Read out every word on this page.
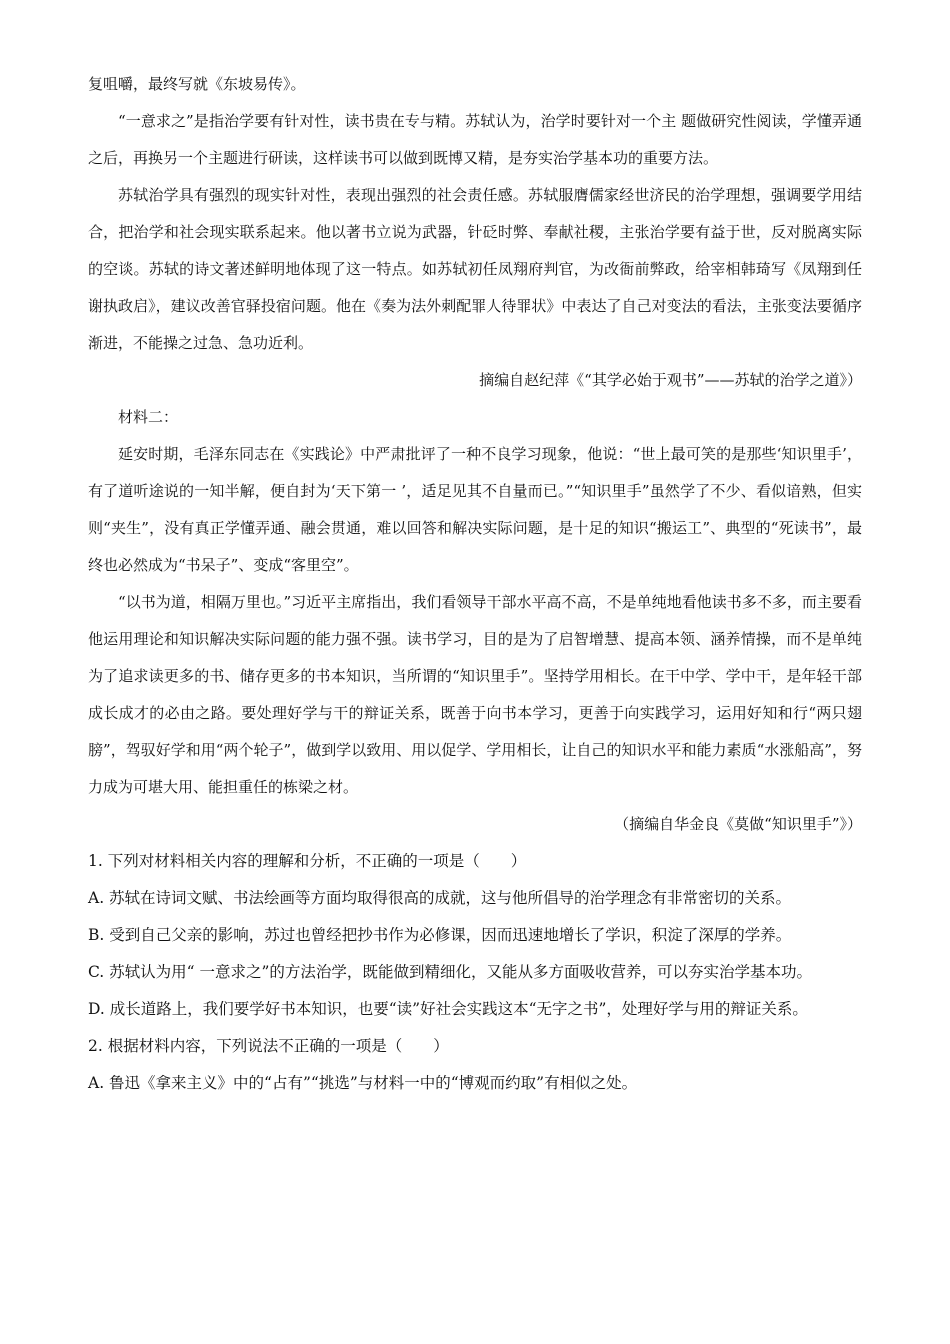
复咀嚼，最终写就《东坡易传》。

“一意求之”是指治学要有针对性，读书贵在专与精。苏轼认为，治学时要针对一个主 题做研究性阅读，学懂弄通之后，再换另一个主题进行研读，这样读书可以做到既博又精，是夯实治学基本功的重要方法。

苏轼治学具有强烈的现实针对性，表现出强烈的社会责任感。苏轼服膺儒家经世济民的治学理想，强调要学用结合，把治学和社会现实联系起来。他以著书立说为武器，针砭时弊、奉献社稷，主张治学要有益于世，反对脱离实际的空谈。苏轼的诗文著述鲜明地体现了这一特点。如苏轼初任凤翔府判官，为改衙前弊政，给宰相韩琦写《凤翔到任谢执政启》，建议改善官驿投宿问题。他在《奏为法外刺配罪人待罪状》中表达了自己对变法的看法，主张变法要循序渐进，不能操之过急、急功近利。

摘编自赵纪萍《“其学必始于观书”——苏轼的治学之道》）

材料二：

延安时期，毛泽东同志在《实践论》中严肃批评了一种不良学习现象，他说：“世上最可笑的是那些‘知识里手’，有了道听途说的一知半解，便自封为‘天下第一 ’，适足见其不自量而已。”“知识里手”虽然学了不少、看似谙熟，但实则“夹生”，没有真正学懂弄通、融会贯通，难以回答和解决实际问题，是十足的知识“搬运工”、典型的“死读书”，最终也必然成为“书呆子”、变成“客里空”。

“以书为道，相隔万里也。”习近平主席指出，我们看领导干部水平高不高，不是单纯地看他读书多不多，而主要看他运用理论和知识解决实际问题的能力强不强。读书学习，目的是为了启智增慧、提高本领、涵养情操，而不是单纯为了追求读更多的书、储存更多的书本知识，当所谓的“知识里手”。坚持学用相长。在干中学、学中干，是年轻干部成长成才的必由之路。要处理好学与干的辩证关系，既善于向书本学习，更善于向实践学习，运用好知和行“两只翅膀”，驾驭好学和用“两个轮子”，做到学以致用、用以促学、学用相长，让自己的知识水平和能力素质“水涨船高”，努力成为可堪大用、能担重任的栋梁之材。

（摘编自华金良《莫做“知识里手”》）

1. 下列对材料相关内容的理解和分析，不正确的一项是（　　）

A. 苏轼在诗词文赋、书法绘画等方面均取得很高的成就，这与他所倡导的治学理念有非常密切的关系。

B. 受到自己父亲的影响，苏过也曾经把抄书作为必修课，因而迅速地增长了学识，积淀了深厚的学养。

C. 苏轼认为用“ 一意求之”的方法治学，既能做到精细化，又能从多方面吸收营养，可以夯实治学基本功。

D. 成长道路上，我们要学好书本知识，也要“读”好社会实践这本“无字之书”，处理好学与用的辩证关系。

2. 根据材料内容，下列说法不正确的一项是（　　）

A. 鲁迅《拿来主义》中的“占有”“挑选”与材料一中的“博观而约取”有相似之处。
